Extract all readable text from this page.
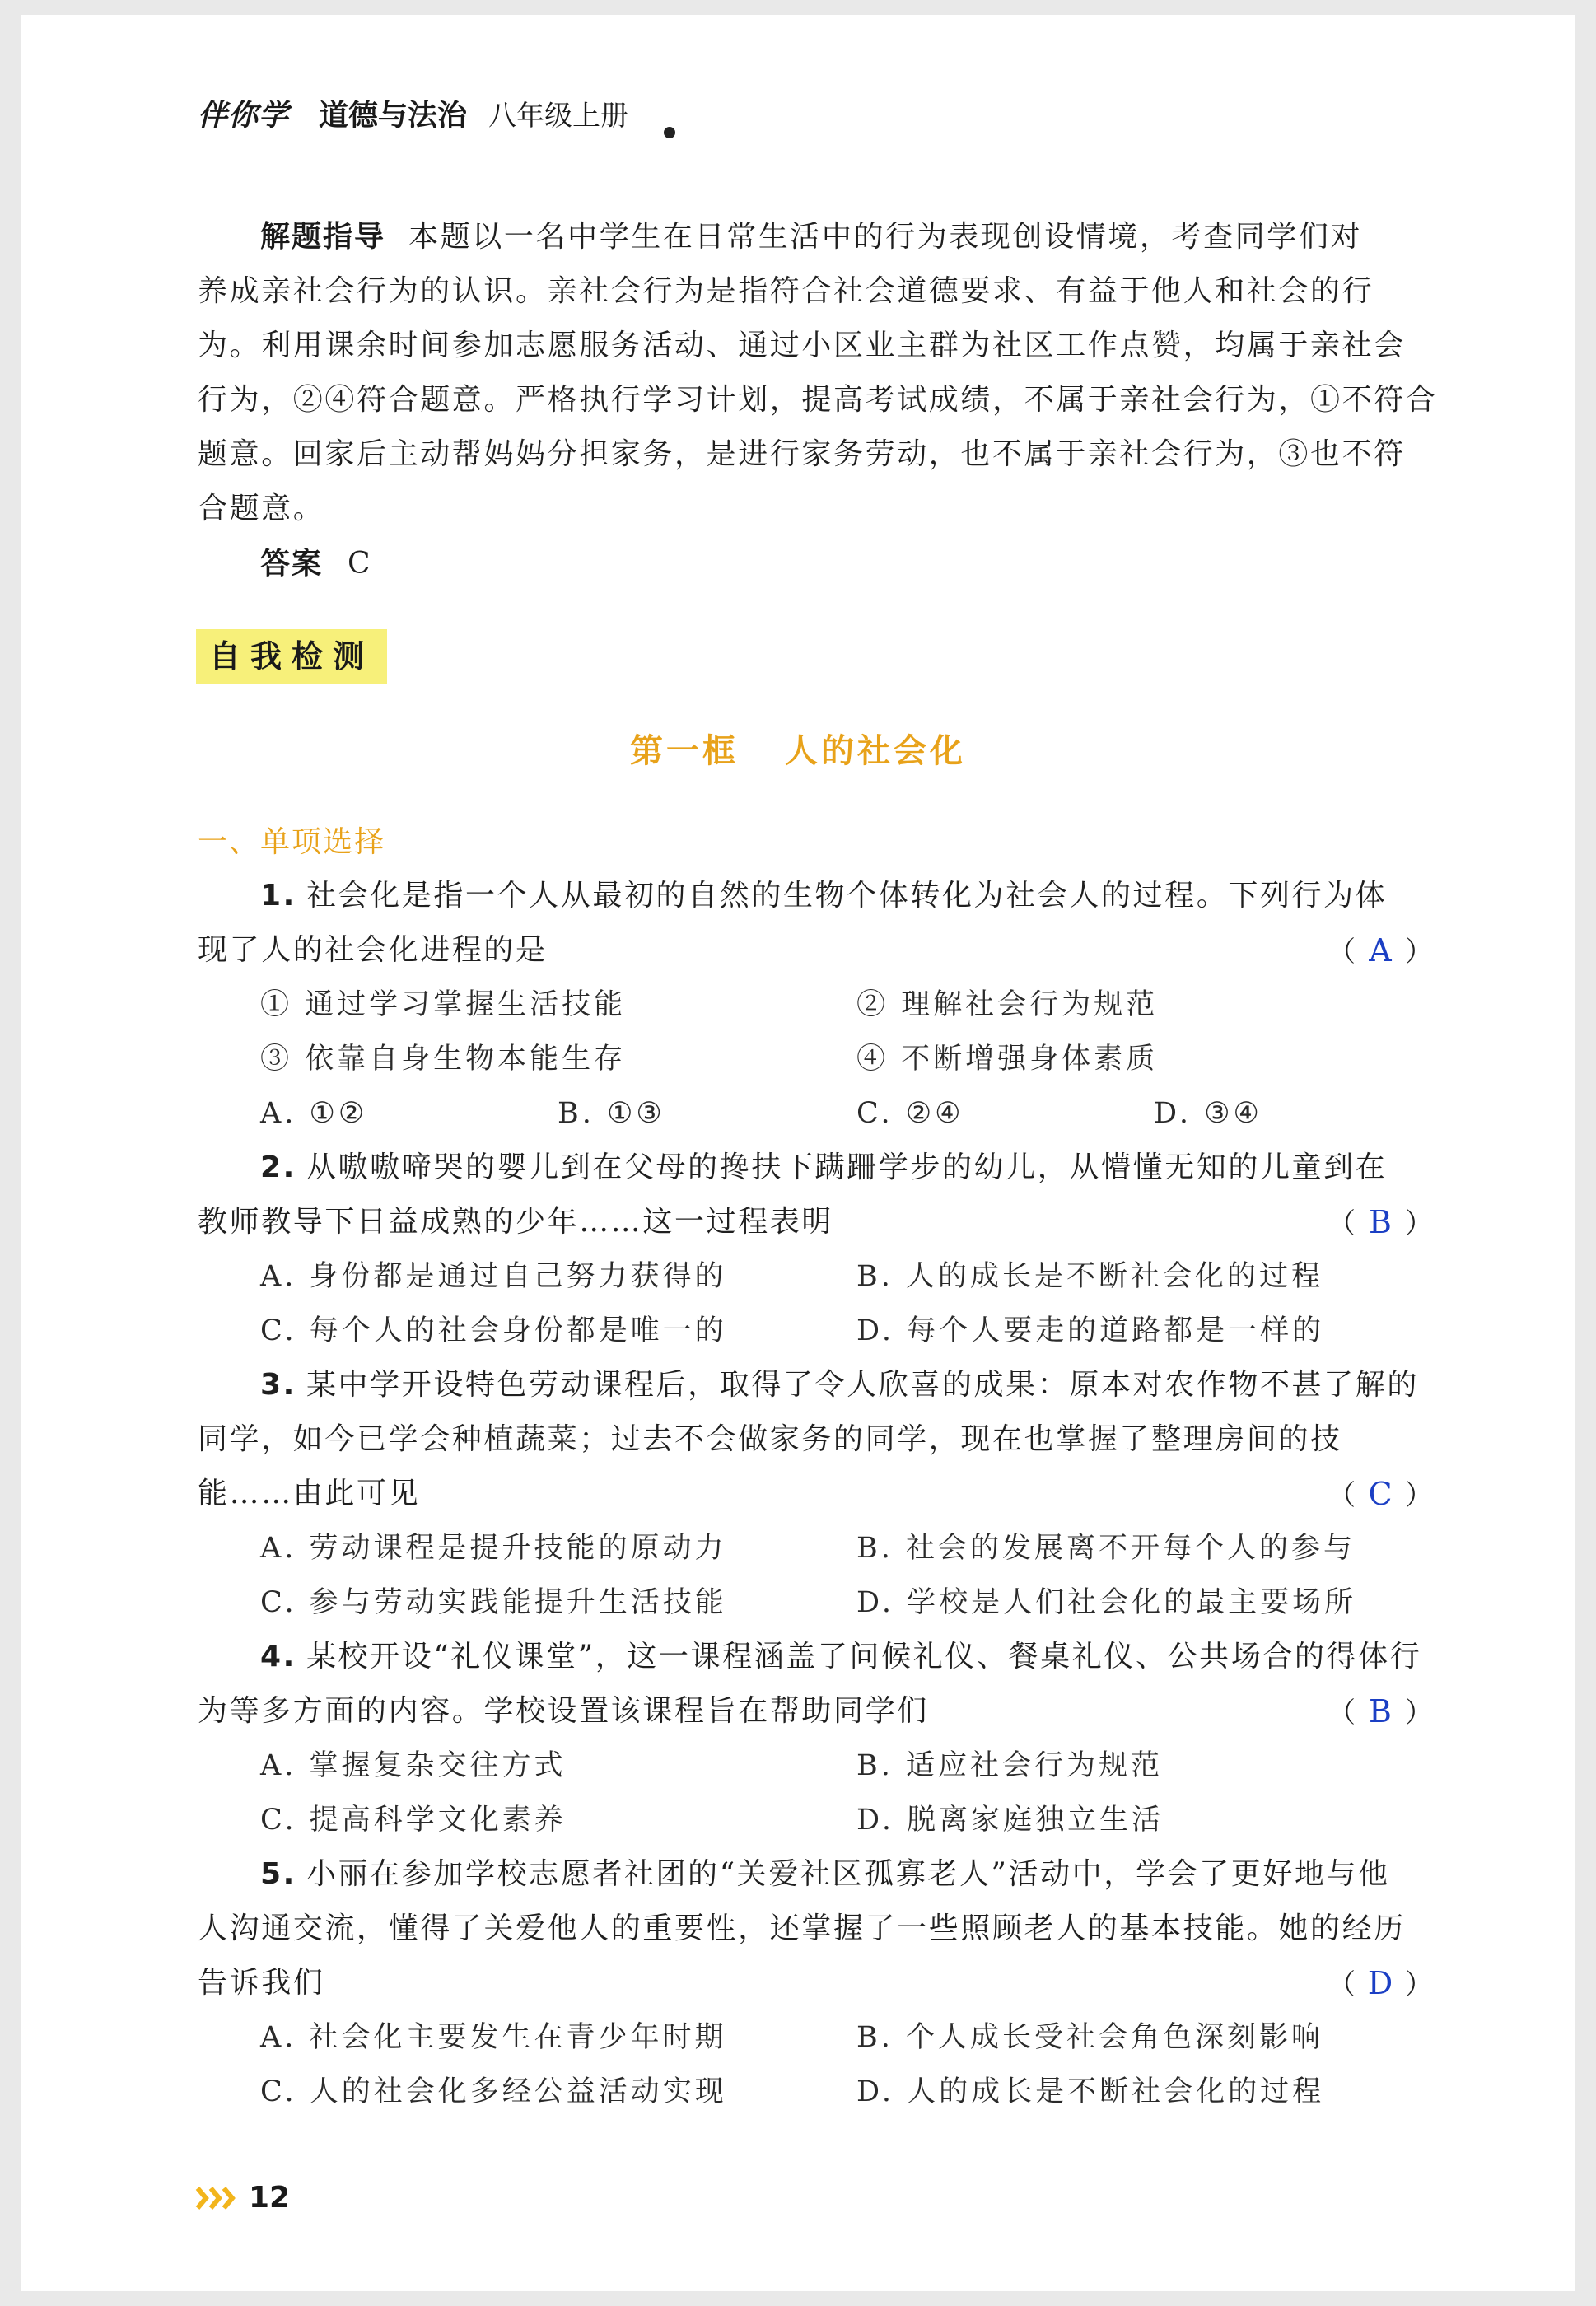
伴你学 道德与法治 八年级上册
解题指导 本题以一名中学生在日常生活中的行为表现创设情境，考查同学们对
养成亲社会行为的认识。亲社会行为是指符合社会道德要求、有益于他人和社会的行
为。利用课余时间参加志愿服务活动、通过小区业主群为社区工作点赞，均属于亲社会
行为，②④符合题意。严格执行学习计划，提高考试成绩，不属于亲社会行为，①不符合
题意。回家后主动帮妈妈分担家务，是进行家务劳动，也不属于亲社会行为，③也不符
合题意。
答案 C
自我检测
第一框 人的社会化
一、单项选择
1. 社会化是指一个人从最初的自然的生物个体转化为社会人的过程。下列行为体
现了人的社会化进程的是	（ A ）
① 通过学习掌握生活技能	② 理解社会行为规范
③ 依靠自身生物本能生存	④ 不断增强身体素质
A. ①②	B. ①③	C. ②④	D. ③④
2. 从嗷嗷啼哭的婴儿到在父母的搀扶下蹒跚学步的幼儿，从懵懂无知的儿童到在
教师教导下日益成熟的少年……这一过程表明	（ B ）
A. 身份都是通过自己努力获得的	B. 人的成长是不断社会化的过程
C. 每个人的社会身份都是唯一的	D. 每个人要走的道路都是一样的
3. 某中学开设特色劳动课程后，取得了令人欣喜的成果：原本对农作物不甚了解的
同学，如今已学会种植蔬菜；过去不会做家务的同学，现在也掌握了整理房间的技
能……由此可见	（ C ）
A. 劳动课程是提升技能的原动力	B. 社会的发展离不开每个人的参与
C. 参与劳动实践能提升生活技能	D. 学校是人们社会化的最主要场所
4. 某校开设“礼仪课堂”，这一课程涵盖了问候礼仪、餐桌礼仪、公共场合的得体行
为等多方面的内容。学校设置该课程旨在帮助同学们	（ B ）
A. 掌握复杂交往方式	B. 适应社会行为规范
C. 提高科学文化素养	D. 脱离家庭独立生活
5. 小丽在参加学校志愿者社团的“关爱社区孤寡老人”活动中，学会了更好地与他
人沟通交流，懂得了关爱他人的重要性，还掌握了一些照顾老人的基本技能。她的经历
告诉我们	（ D ）
A. 社会化主要发生在青少年时期	B. 个人成长受社会角色深刻影响
C. 人的社会化多经公益活动实现	D. 人的成长是不断社会化的过程
12
